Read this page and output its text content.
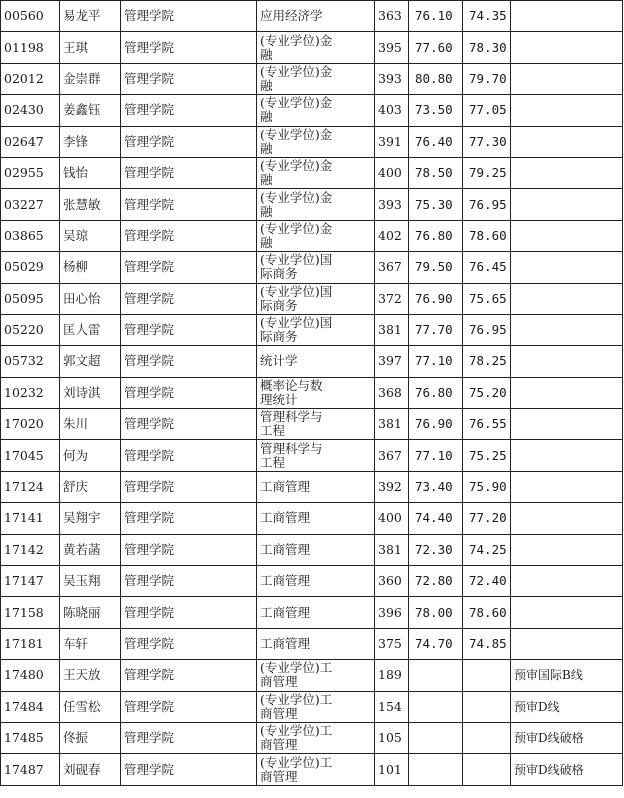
00560	易龙平	管理学院	应用经济学	363	76.10	74.35	
01198	王琪	管理学院	(专业学位)金融	395	77.60	78.30	
02012	金崇群	管理学院	(专业学位)金融	393	80.80	79.70	
02430	姜鑫钰	管理学院	(专业学位)金融	403	73.50	77.05	
02647	李锋	管理学院	(专业学位)金融	391	76.40	77.30	
02955	钱怡	管理学院	(专业学位)金融	400	78.50	79.25	
03227	张慧敏	管理学院	(专业学位)金融	393	75.30	76.95	
03865	吴琼	管理学院	(专业学位)金融	402	76.80	78.60	
05029	杨柳	管理学院	(专业学位)国际商务	367	79.50	76.45	
05095	田心怡	管理学院	(专业学位)国际商务	372	76.90	75.65	
05220	匡人雷	管理学院	(专业学位)国际商务	381	77.70	76.95	
05732	郭文超	管理学院	统计学	397	77.10	78.25	
10232	刘诗淇	管理学院	概率论与数理统计	368	76.80	75.20	
17020	朱川	管理学院	管理科学与工程	381	76.90	76.55	
17045	何为	管理学院	管理科学与工程	367	77.10	75.25	
17124	舒庆	管理学院	工商管理	392	73.40	75.90	
17141	吴翔宇	管理学院	工商管理	400	74.40	77.20	
17142	黄若菡	管理学院	工商管理	381	72.30	74.25	
17147	吴玉翔	管理学院	工商管理	360	72.80	72.40	
17158	陈晓丽	管理学院	工商管理	396	78.00	78.60	
17181	车轩	管理学院	工商管理	375	74.70	74.85	
17480	王天放	管理学院	(专业学位)工商管理	189			预审国际B线
17484	任雪松	管理学院	(专业学位)工商管理	154			预审D线
17485	佟振	管理学院	(专业学位)工商管理	105			预审D线破格
17487	刘砚春	管理学院	(专业学位)工商管理	101			预审D线破格
